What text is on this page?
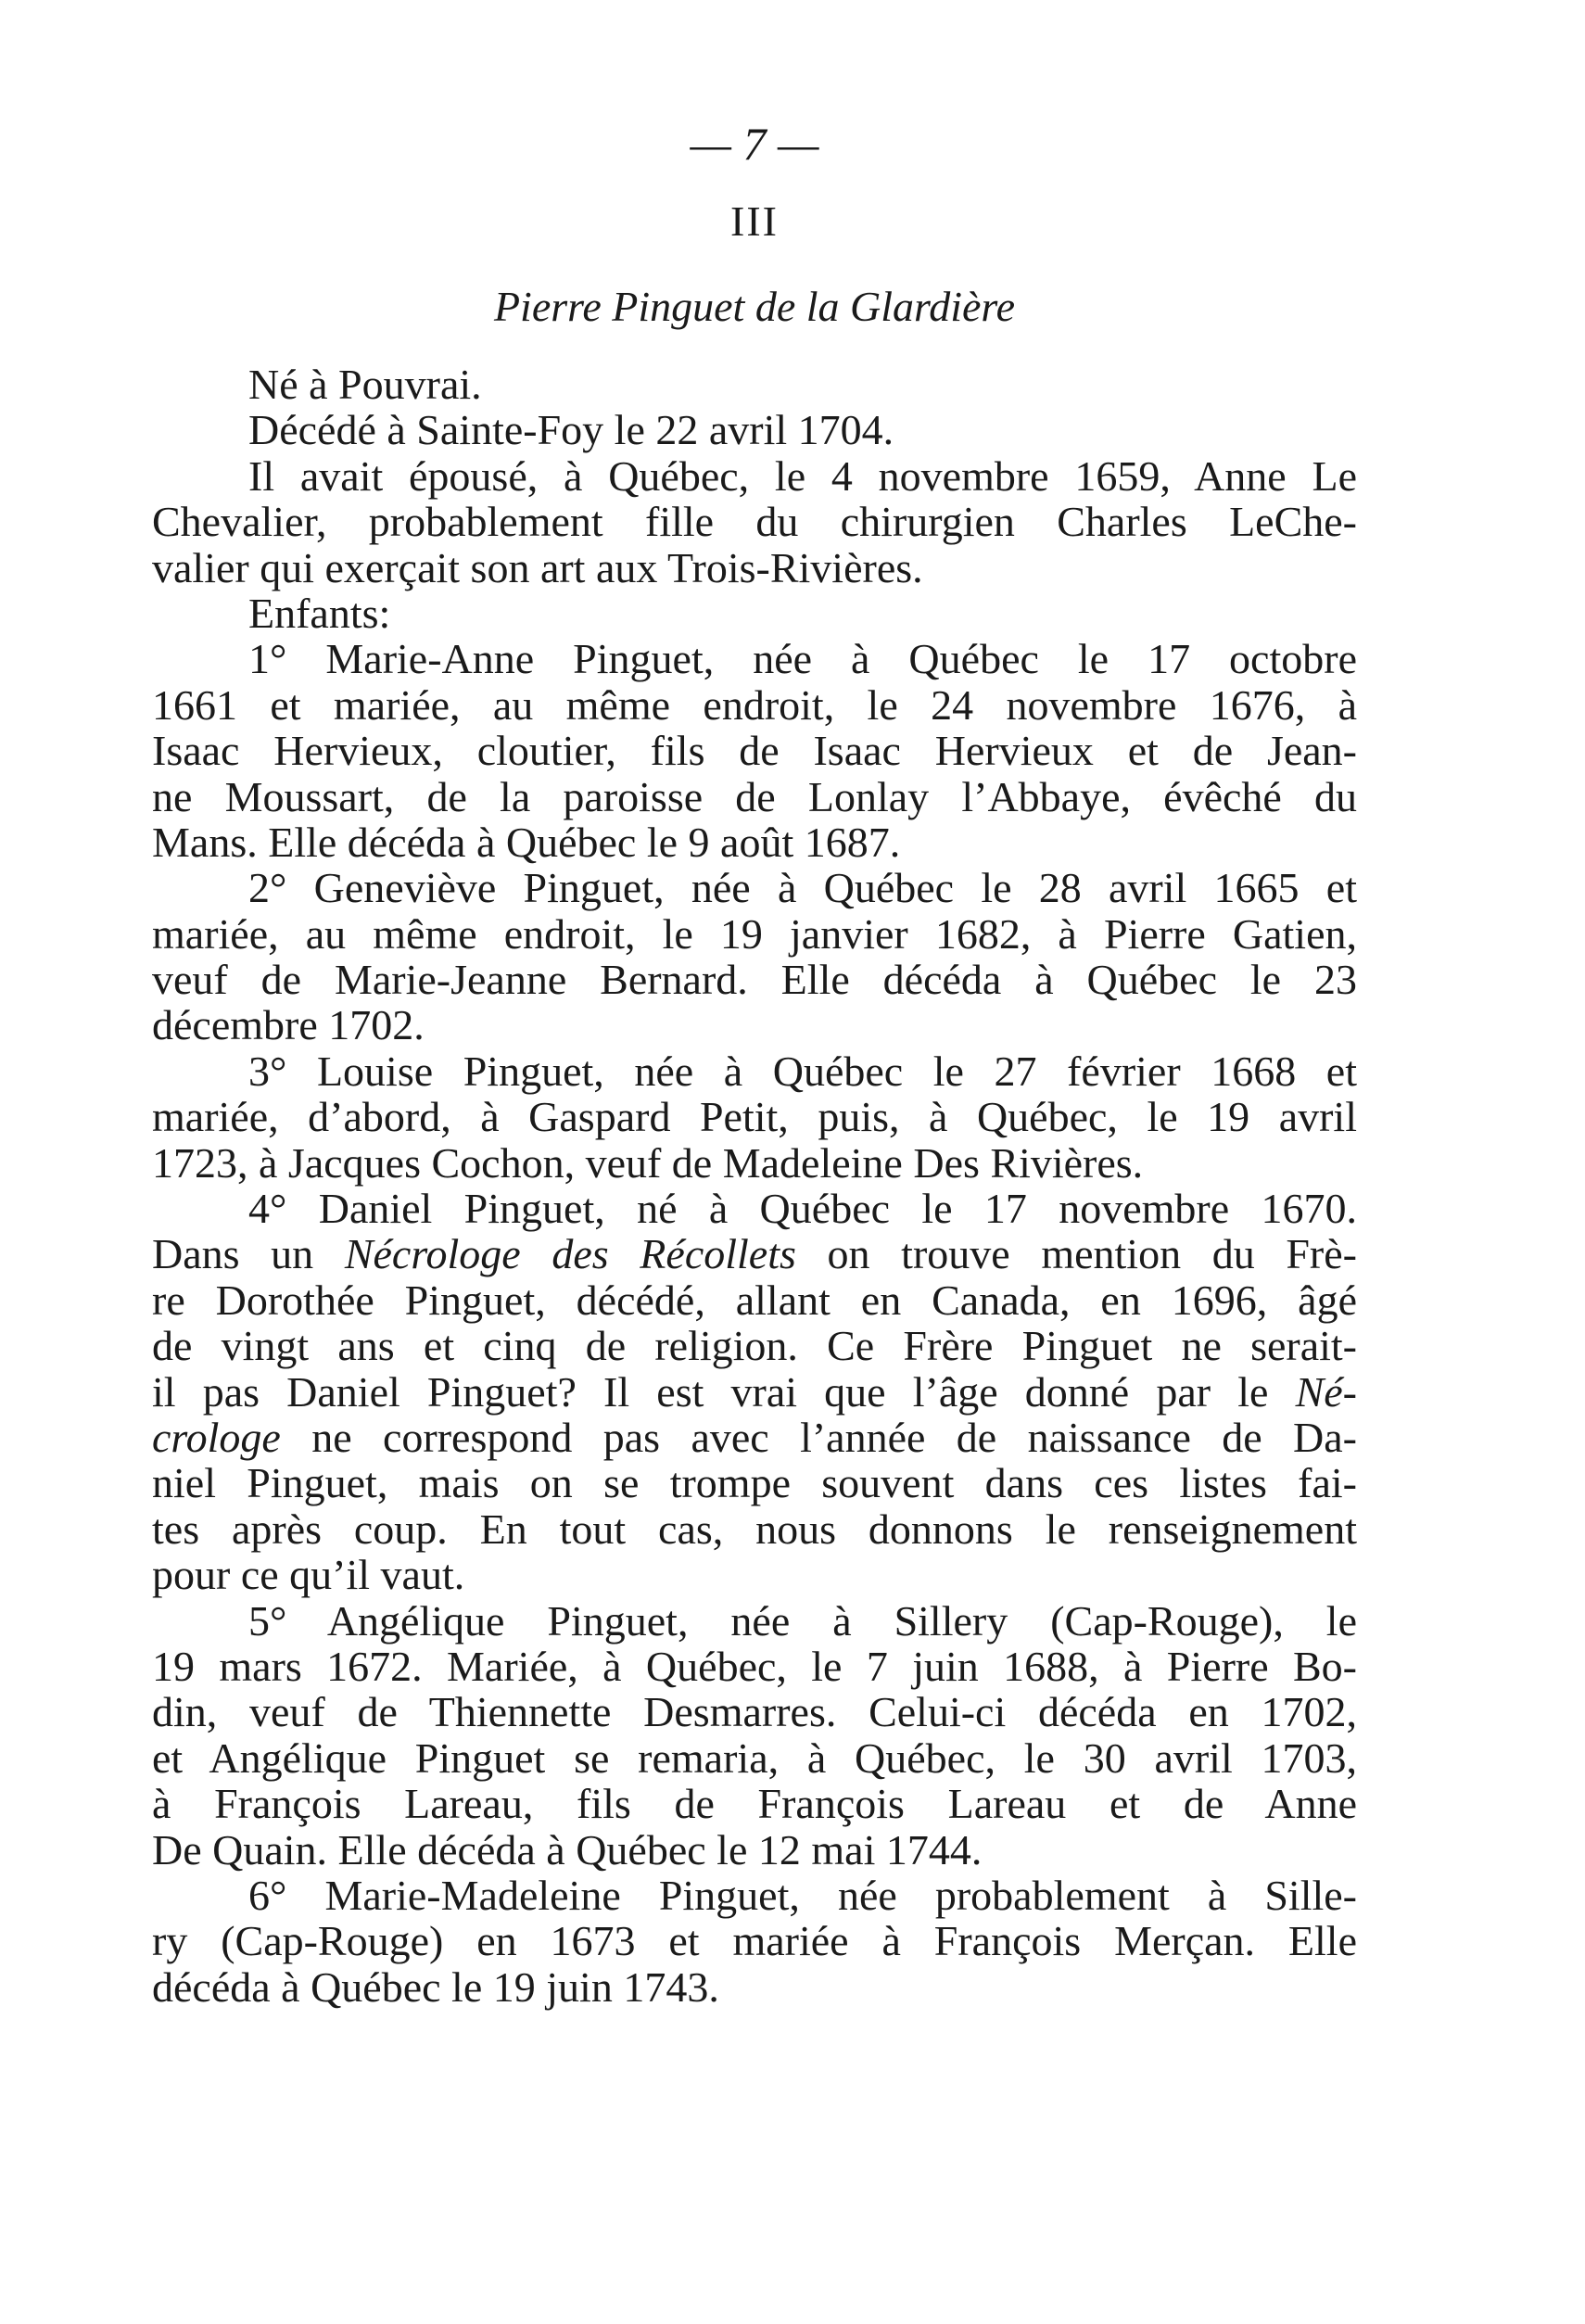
— 7 —
III
Pierre Pinguet de la Glardière
Né à Pouvrai.
Décédé à Sainte-Foy le 22 avril 1704.
Il avait épousé, à Québec, le 4 novembre 1659, Anne Le
Chevalier, probablement fille du chirurgien Charles LeChe-
valier qui exerçait son art aux Trois-Rivières.
Enfants:
1° Marie-Anne Pinguet, née à Québec le 17 octobre
1661 et mariée, au même endroit, le 24 novembre 1676, à
Isaac Hervieux, cloutier, fils de Isaac Hervieux et de Jean-
ne Moussart, de la paroisse de Lonlay l’Abbaye, évêché du
Mans. Elle décéda à Québec le 9 août 1687.
2° Geneviève Pinguet, née à Québec le 28 avril 1665 et
mariée, au même endroit, le 19 janvier 1682, à Pierre Gatien,
veuf de Marie-Jeanne Bernard. Elle décéda à Québec le 23
décembre 1702.
3° Louise Pinguet, née à Québec le 27 février 1668 et
mariée, d’abord, à Gaspard Petit, puis, à Québec, le 19 avril
1723, à Jacques Cochon, veuf de Madeleine Des Rivières.
4° Daniel Pinguet, né à Québec le 17 novembre 1670.
Dans un Nécrologe des Récollets on trouve mention du Frè-
re Dorothée Pinguet, décédé, allant en Canada, en 1696, âgé
de vingt ans et cinq de religion. Ce Frère Pinguet ne serait-
il pas Daniel Pinguet? Il est vrai que l’âge donné par le Né-
crologe ne correspond pas avec l’année de naissance de Da-
niel Pinguet, mais on se trompe souvent dans ces listes fai-
tes après coup. En tout cas, nous donnons le renseignement
pour ce qu’il vaut.
5° Angélique Pinguet, née à Sillery (Cap-Rouge), le
19 mars 1672. Mariée, à Québec, le 7 juin 1688, à Pierre Bo-
din, veuf de Thiennette Desmarres. Celui-ci décéda en 1702,
et Angélique Pinguet se remaria, à Québec, le 30 avril 1703,
à François Lareau, fils de François Lareau et de Anne
De Quain. Elle décéda à Québec le 12 mai 1744.
6° Marie-Madeleine Pinguet, née probablement à Sille-
ry (Cap-Rouge) en 1673 et mariée à François Merçan. Elle
décéda à Québec le 19 juin 1743.
